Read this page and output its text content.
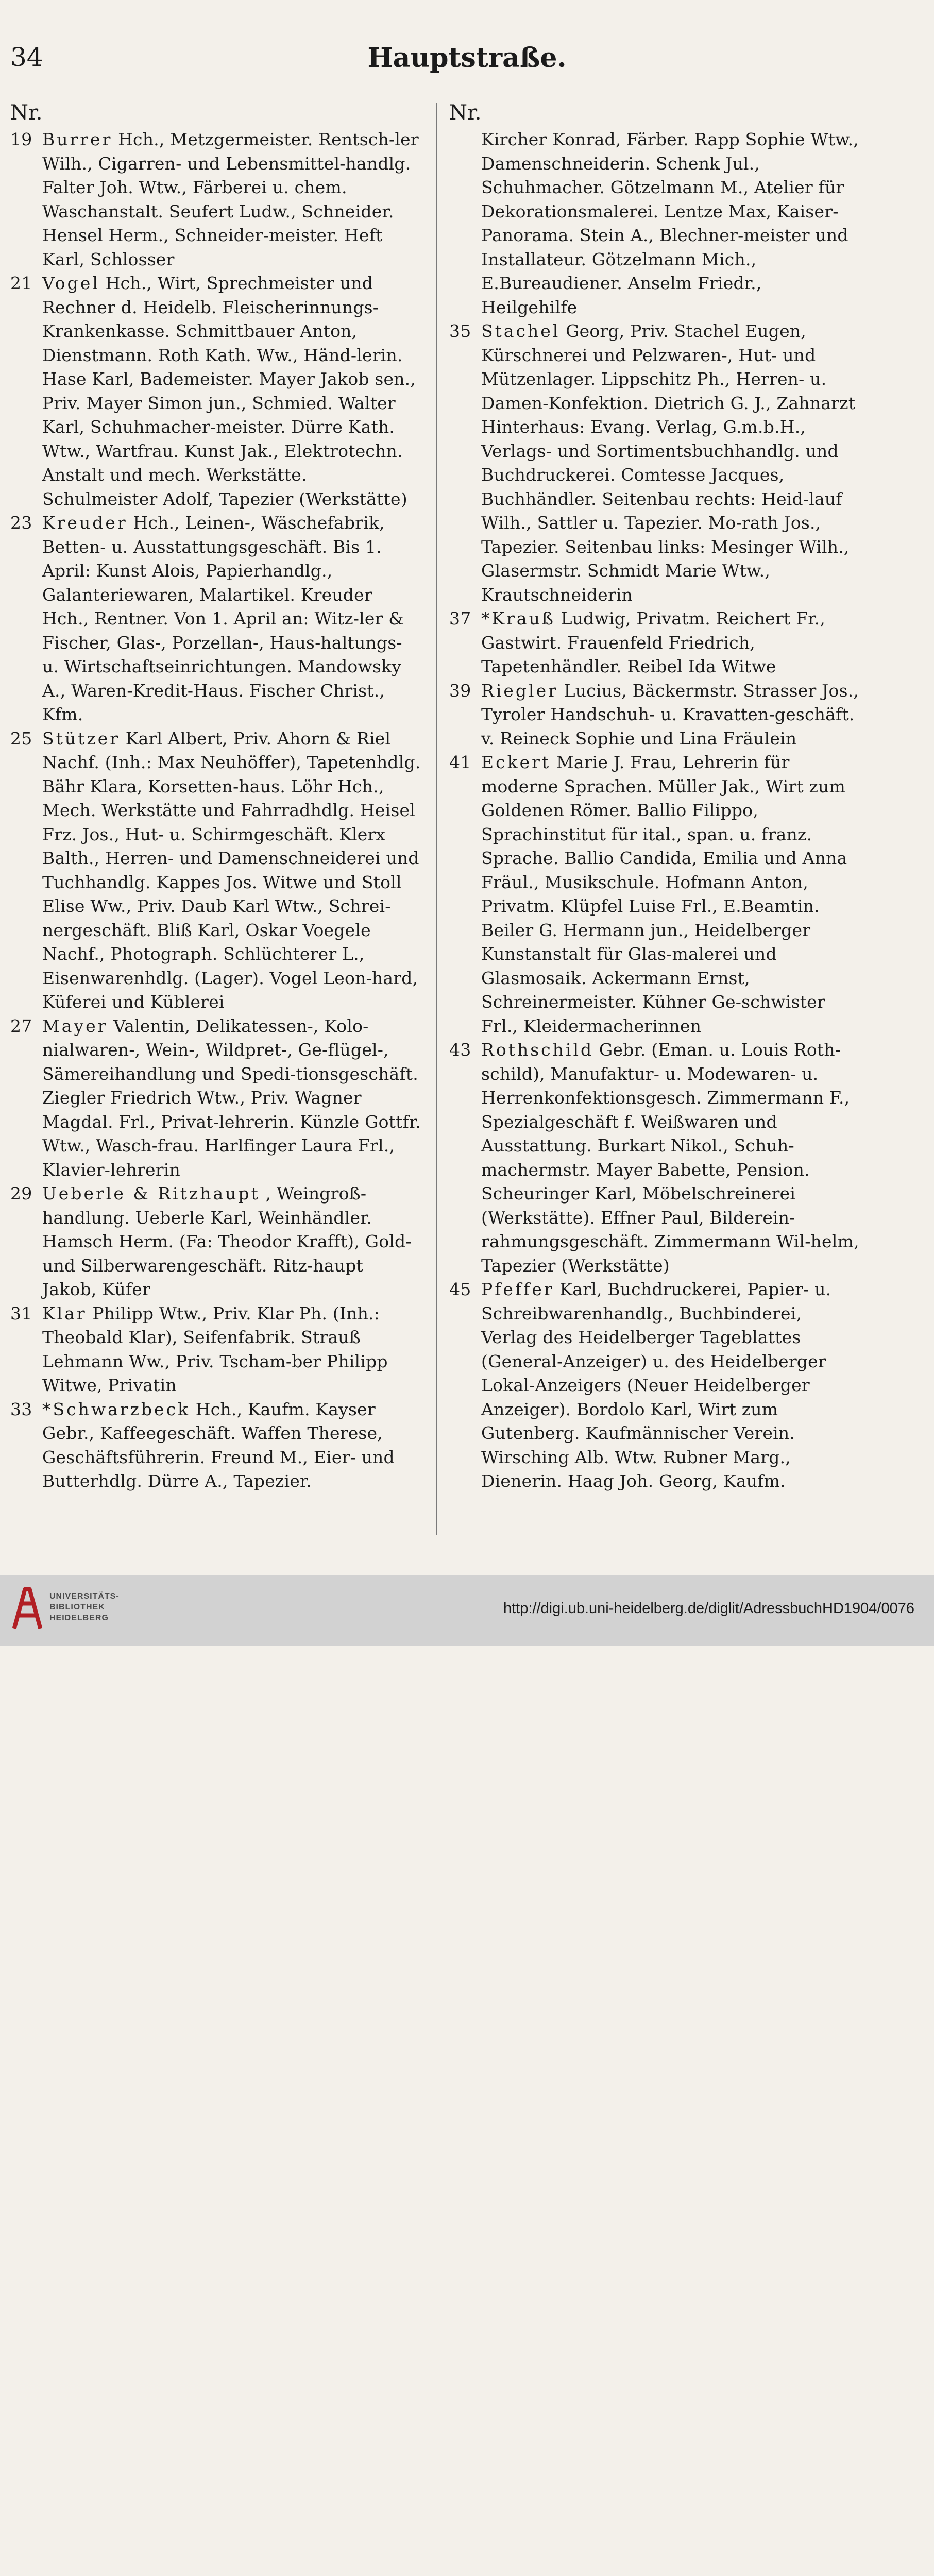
34	Hauptstraße.
Nr.
19 Burrer Hch., Metzgermeister. Rentsch-ler Wilh., Cigarren- und Lebensmittel-handlg. Falter Joh. Wtw., Färberei u. chem. Waschanstalt. Seufert Ludw., Schneider. Hensel Herm., Schneider-meister. Heft Karl, Schlosser
21 Vogel Hch., Wirt, Sprechmeister und Rechner d. Heidelb. Fleischerinnungs-Krankenkasse. Schmittbauer Anton, Dienstmann. Roth Kath. Ww., Händ-lerin. Hase Karl, Bademeister. Mayer Jakob sen., Priv. Mayer Simon jun., Schmied. Walter Karl, Schuhmacher-meister. Dürre Kath. Wtw., Wartfrau. Kunst Jak., Elektrotechn. Anstalt und mech. Werkstätte. Schulmeister Adolf, Tapezier (Werkstätte)
23 Kreuder Hch., Leinen-, Wäschefabrik, Betten- u. Ausstattungsgeschäft. Bis 1. April: Kunst Alois, Papierhandlg., Galanteriewaren, Malartikel. Kreuder Hch., Rentner. Von 1. April an: Witz-ler & Fischer, Glas-, Porzellan-, Haus-haltungs- u. Wirtschaftseinrichtungen. Mandowsky A., Waren-Kredit-Haus. Fischer Christ., Kfm.
25 Stützer Karl Albert, Priv. Ahorn & Riel Nachf. (Inh.: Max Neuhöffer), Tapetenhdlg. Bähr Klara, Korsetten-haus. Löhr Hch., Mech. Werkstätte und Fahrradhdlg. Heisel Frz. Jos., Hut- u. Schirmgeschäft. Klerx Balth., Herren- und Damenschneiderei und Tuchhandlg. Kappes Jos. Witwe und Stoll Elise Ww., Priv. Daub Karl Wtw., Schrei-nergeschäft. Bliß Karl, Oskar Voegele Nachf., Photograph. Schlüchterer L., Eisenwarenhdlg. (Lager). Vogel Leon-hard, Küferei und Küblerei
27 Mayer Valentin, Delikatessen-, Kolo-nialwaren-, Wein-, Wildpret-, Ge-flügel-, Sämereihandlung und Spedi-tionsgeschäft. Ziegler Friedrich Wtw., Priv. Wagner Magdal. Frl., Privat-lehrerin. Künzle Gottfr. Wtw., Wasch-frau. Harlfinger Laura Frl., Klavier-lehrerin
29 Ueberle & Ritzhaupt , Weingroß-handlung. Ueberle Karl, Weinhändler. Hamsch Herm. (Fa: Theodor Krafft), Gold- und Silberwarengeschäft. Ritz-haupt Jakob, Küfer
31 Klar Philipp Wtw., Priv. Klar Ph. (Inh.: Theobald Klar), Seifenfabrik. Strauß Lehmann Ww., Priv. Tscham-ber Philipp Witwe, Privatin
33 *Schwarzbeck Hch., Kaufm. Kayser Gebr., Kaffeegeschäft. Waffen Therese, Geschäftsführerin. Freund M., Eier- und Butterhdlg. Dürre A., Tapezier.
Nr.
Kircher Konrad, Färber. Rapp Sophie Wtw., Damenschneiderin. Schenk Jul., Schuhmacher. Götzelmann M., Atelier für Dekorationsmalerei. Lentze Max, Kaiser-Panorama. Stein A., Blechner-meister und Installateur. Götzelmann Mich., E.Bureaudiener. Anselm Friedr., Heilgehilfe
35 Stachel Georg, Priv. Stachel Eugen, Kürschnerei und Pelzwaren-, Hut- und Mützenlager. Lippschitz Ph., Herren- u. Damen-Konfektion. Dietrich G. J., Zahnarzt
Hinterhaus: Evang. Verlag, G.m.b.H., Verlags- und Sortimentsbuchhandlg. und Buchdruckerei. Comtesse Jacques, Buchhändler. Seitenbau rechts: Heid-lauf Wilh., Sattler u. Tapezier. Mo-rath Jos., Tapezier. Seitenbau links: Mesinger Wilh., Glasermstr. Schmidt Marie Wtw., Krautschneiderin
37 *Krauß Ludwig, Privatm. Reichert Fr., Gastwirt. Frauenfeld Friedrich, Tapetenhändler. Reibel Ida Witwe
39 Riegler Lucius, Bäckermstr. Strasser Jos., Tyroler Handschuh- u. Kravatten-geschäft. v. Reineck Sophie und Lina Fräulein
41 Eckert Marie J. Frau, Lehrerin für moderne Sprachen. Müller Jak., Wirt zum Goldenen Römer. Ballio Filippo, Sprachinstitut für ital., span. u. franz. Sprache. Ballio Candida, Emilia und Anna Fräul., Musikschule. Hofmann Anton, Privatm. Klüpfel Luise Frl., E.Beamtin. Beiler G. Hermann jun., Heidelberger Kunstanstalt für Glas-malerei und Glasmosaik. Ackermann Ernst, Schreinermeister. Kühner Ge-schwister Frl., Kleidermacherinnen
43 Rothschild Gebr. (Eman. u. Louis Roth-schild), Manufaktur- u. Modewaren- u. Herrenkonfektionsgesch. Zimmermann F., Spezialgeschäft f. Weißwaren und Ausstattung. Burkart Nikol., Schuh-machermstr. Mayer Babette, Pension. Scheuringer Karl, Möbelschreinerei (Werkstätte). Effner Paul, Bilderein-rahmungsgeschäft. Zimmermann Wil-helm, Tapezier (Werkstätte)
45 Pfeffer Karl, Buchdruckerei, Papier- u. Schreibwarenhandlg., Buchbinderei, Verlag des Heidelberger Tageblattes (General-Anzeiger) u. des Heidelberger Lokal-Anzeigers (Neuer Heidelberger Anzeiger). Bordolo Karl, Wirt zum Gutenberg. Kaufmännischer Verein. Wirsching Alb. Wtw. Rubner Marg., Dienerin. Haag Joh. Georg, Kaufm.
UNIVERSITÄTS-
BIBLIOTHEK
HEIDELBERG
http://digi.ub.uni-heidelberg.de/diglit/AdressbuchHD1904/0076
